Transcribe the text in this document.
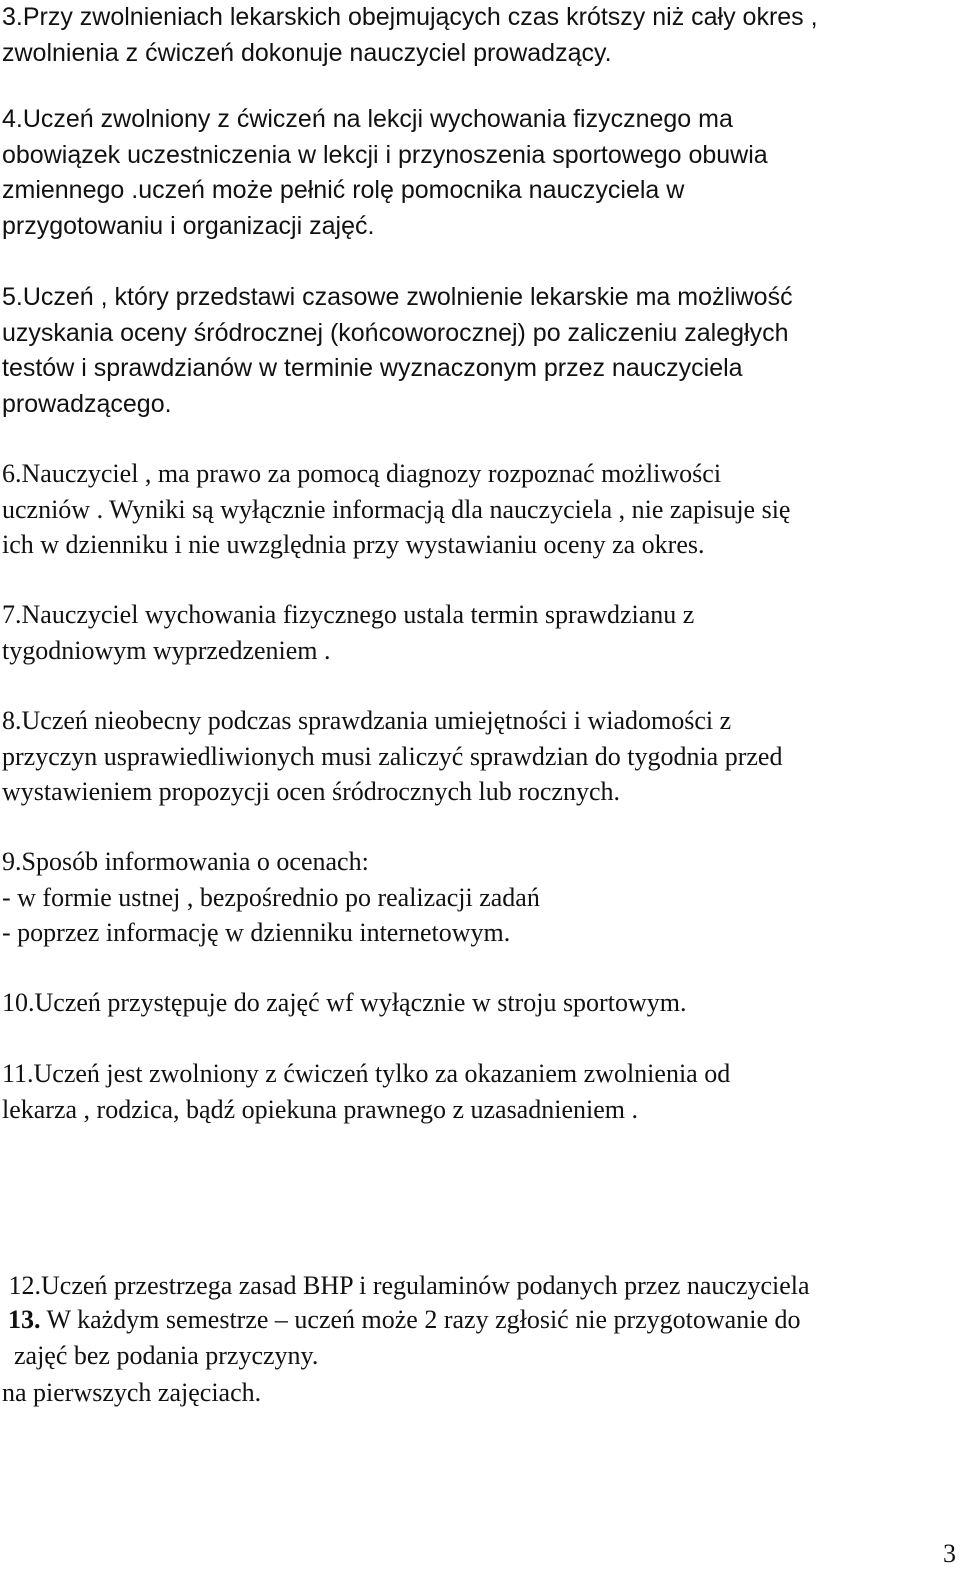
3.Przy zwolnieniach lekarskich obejmujących czas krótszy niż cały okres ,
zwolnienia z ćwiczeń dokonuje nauczyciel prowadzący.

4.Uczeń zwolniony z ćwiczeń na lekcji wychowania fizycznego ma
obowiązek uczestniczenia w lekcji i przynoszenia sportowego obuwia
zmiennego .uczeń może pełnić rolę pomocnika nauczyciela w
przygotowaniu i organizacji zajęć.

5.Uczeń , który przedstawi czasowe zwolnienie lekarskie ma możliwość
uzyskania oceny śródrocznej (końcoworocznej) po zaliczeniu zaległych
testów i sprawdzianów w terminie wyznaczonym przez nauczyciela
prowadzącego.

6.Nauczyciel , ma prawo za pomocą diagnozy rozpoznać możliwości
uczniów . Wyniki są wyłącznie informacją dla nauczyciela , nie zapisuje się
ich w dzienniku i nie uwzględnia przy wystawianiu oceny za okres.

7.Nauczyciel wychowania fizycznego ustala termin sprawdzianu z
tygodniowym wyprzedzeniem .

8.Uczeń nieobecny podczas sprawdzania umiejętności i wiadomości z
przyczyn usprawiedliwionych musi zaliczyć sprawdzian do tygodnia przed
wystawieniem propozycji ocen śródrocznych lub rocznych.

9.Sposób informowania o ocenach:
- w formie ustnej , bezpośrednio po realizacji zadań
- poprzez informację w dzienniku internetowym.

10.Uczeń przystępuje do zajęć wf wyłącznie w stroju sportowym.

11.Uczeń jest zwolniony z ćwiczeń tylko za okazaniem zwolnienia od
lekarza , rodzica, bądź opiekuna prawnego z uzasadnieniem .

12.Uczeń przestrzega zasad BHP i regulaminów podanych przez nauczyciela

na pierwszych zajęciach.

13. W każdym semestrze – uczeń może 2 razy zgłosić nie przygotowanie do
zajęć bez podania przyczyny.

3
